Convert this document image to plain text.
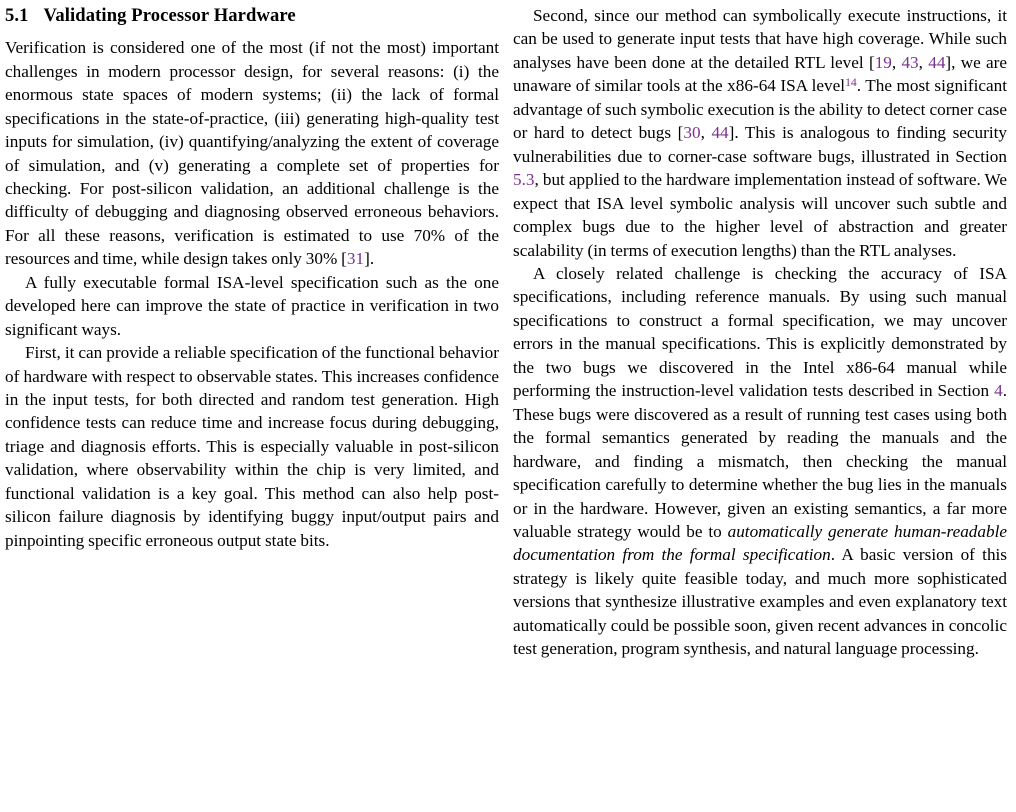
5.1 Validating Processor Hardware

Verification is considered one of the most (if not the most) important challenges in modern processor design, for several reasons: (i) the enormous state spaces of modern systems; (ii) the lack of formal specifications in the state-of-practice, (iii) generating high-quality test inputs for simulation, (iv) quantifying/analyzing the extent of coverage of simulation, and (v) generating a complete set of properties for checking. For post-silicon validation, an additional challenge is the difficulty of debugging and diagnosing observed erroneous behaviors. For all these reasons, verification is estimated to use 70% of the resources and time, while design takes only 30% [31].

A fully executable formal ISA-level specification such as the one developed here can improve the state of practice in verification in two significant ways.

First, it can provide a reliable specification of the functional behavior of hardware with respect to observable states. This increases confidence in the input tests, for both directed and random test generation. High confidence tests can reduce time and increase focus during debugging, triage and diagnosis efforts. This is especially valuable in post-silicon validation, where observability within the chip is very limited, and functional validation is a key goal. This method can also help post-silicon failure diagnosis by identifying buggy input/output pairs and pinpointing specific erroneous output state bits.

Second, since our method can symbolically execute instructions, it can be used to generate input tests that have high coverage. While such analyses have been done at the detailed RTL level [19, 43, 44], we are unaware of similar tools at the x86-64 ISA level$^{14}$. The most significant advantage of such symbolic execution is the ability to detect corner case or hard to detect bugs [30, 44]. This is analogous to finding security vulnerabilities due to corner-case software bugs, illustrated in Section 5.3, but applied to the hardware implementation instead of software. We expect that ISA level symbolic analysis will uncover such subtle and complex bugs due to the higher level of abstraction and greater scalability (in terms of execution lengths) than the RTL analyses.

A closely related challenge is checking the accuracy of ISA specifications, including reference manuals. By using such manual specifications to construct a formal specification, we may uncover errors in the manual specifications. This is explicitly demonstrated by the two bugs we discovered in the Intel x86-64 manual while performing the instruction-level validation tests described in Section 4. These bugs were discovered as a result of running test cases using both the formal semantics generated by reading the manuals and the hardware, and finding a mismatch, then checking the manual specification carefully to determine whether the bug lies in the manuals or in the hardware. However, given an existing semantics, a far more valuable strategy would be to automatically generate human-readable documentation from the formal specification. A basic version of this strategy is likely quite feasible today, and much more sophisticated versions that synthesize illustrative examples and even explanatory text automatically could be possible soon, given recent advances in concolic test generation, program synthesis, and natural language processing.
